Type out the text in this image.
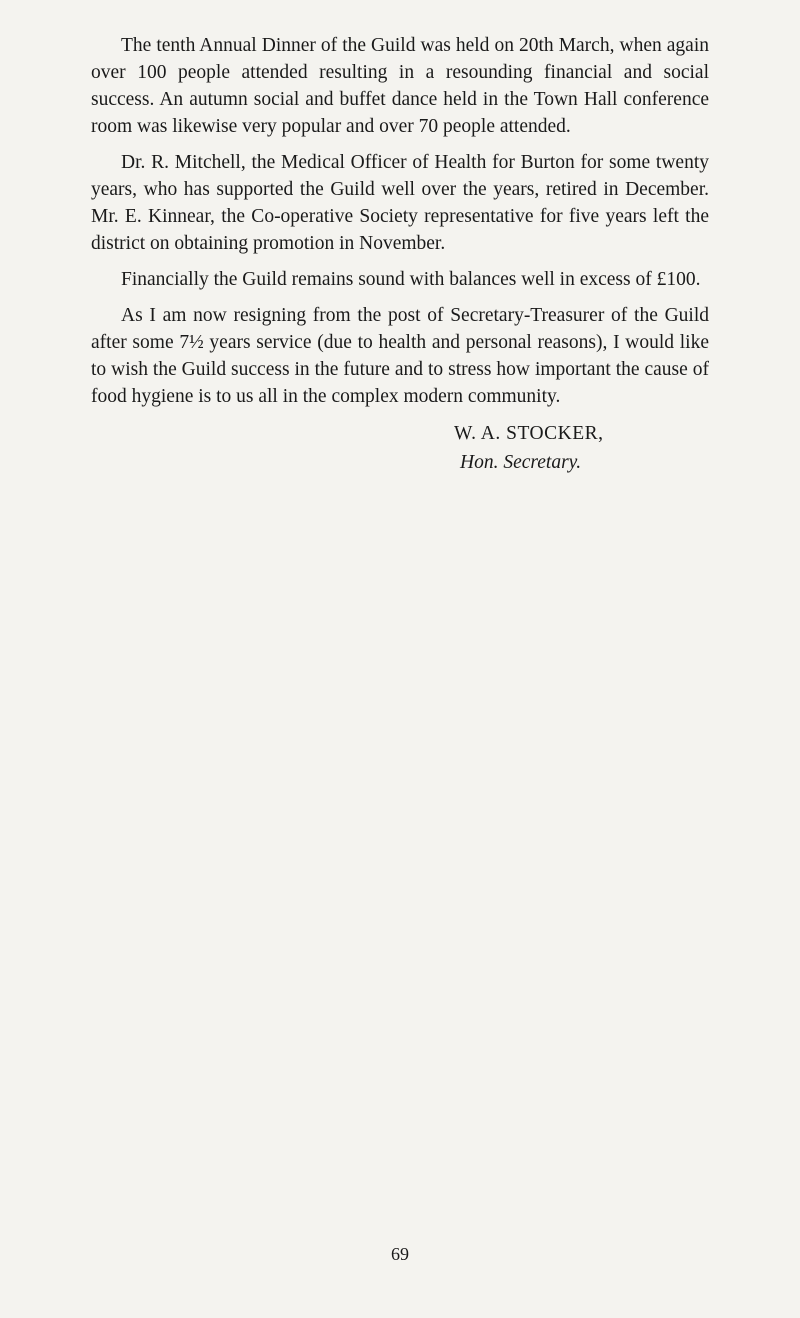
The tenth Annual Dinner of the Guild was held on 20th March, when again over 100 people attended resulting in a resounding financial and social success. An autumn social and buffet dance held in the Town Hall conference room was likewise very popular and over 70 people attended.

Dr. R. Mitchell, the Medical Officer of Health for Burton for some twenty years, who has supported the Guild well over the years, retired in December. Mr. E. Kinnear, the Co-operative Society representative for five years left the district on obtaining promotion in November.

Financially the Guild remains sound with balances well in excess of £100.

As I am now resigning from the post of Secretary-Treasurer of the Guild after some 7½ years service (due to health and personal reasons), I would like to wish the Guild success in the future and to stress how important the cause of food hygiene is to us all in the complex modern community.

W. A. STOCKER,
Hon. Secretary.
69
